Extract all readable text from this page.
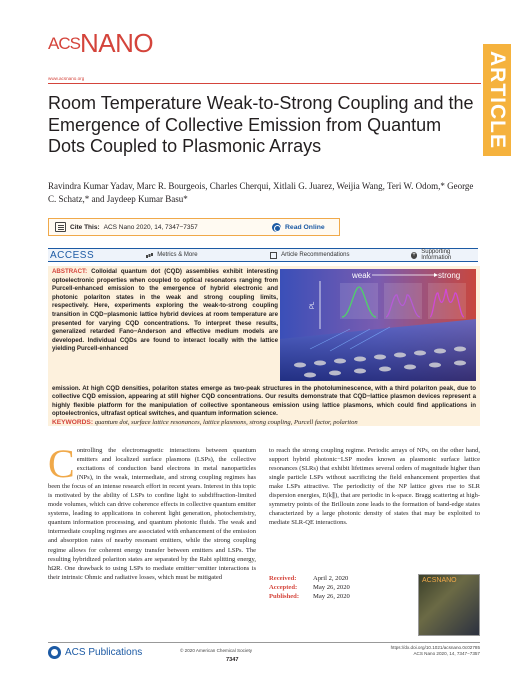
ACSNANO
www.acsnano.org	ARTICLE
Room Temperature Weak-to-Strong Coupling and the Emergence of Collective Emission from Quantum Dots Coupled to Plasmonic Arrays
Ravindra Kumar Yadav, Marc R. Bourgeois, Charles Cherqui, Xitlali G. Juarez, Weijia Wang, Teri W. Odom,* George C. Schatz,* and Jaydeep Kumar Basu*
Cite This: ACS Nano 2020, 14, 7347−7357	Read Online
ACCESS	Metrics & More	Article Recommendations	+ Supporting Information

ABSTRACT: Colloidal quantum dot (CQD) assemblies exhibit interesting optoelectronic properties when coupled to optical resonators ranging from Purcell-enhanced emission to the emergence of hybrid electronic and photonic polariton states in the weak and strong coupling limits, respectively. Here, experiments exploring the weak-to-strong coupling transition in CQD−plasmonic lattice hybrid devices at room temperature are presented for varying CQD concentrations. To interpret these results, generalized retarded Fano−Anderson and effective medium models are developed. Individual CQDs are found to interact locally with the lattice yielding Purcell-enhanced

emission. At high CQD densities, polariton states emerge as two-peak structures in the photoluminescence, with a third polariton peak, due to collective CQD emission, appearing at still higher CQD concentrations. Our results demonstrate that CQD−lattice plasmon devices represent a highly flexible platform for the manipulation of collective spontaneous emission using lattice plasmons, which could find applications in optoelectronics, ultrafast optical switches, and quantum information science.

KEYWORDS: quantum dot, surface lattice resonances, lattice plasmons, strong coupling, Purcell factor, polariton

weak	strong
PL
Controlling the electromagnetic interactions between quantum emitters and localized surface plasmons (LSPs), the collective excitations of conduction band electrons in metal nanoparticles (NPs), in the weak, intermediate, and strong coupling regimes has been the focus of an intense research effort in recent years. Interest in this topic is motivated by the ability of LSPs to confine light to subdiffraction-limited mode volumes, which can drive coherence effects in collective quantum emitter systems, leading to applications in coherent light generation, photochemistry, quantum information processing, and quantum photonic fluids. The weak and intermediate coupling regimes are associated with enhancement of the emission and absorption rates of nearby resonant emitters, while the strong coupling regime allows for coherent energy transfer between emitters and LSPs. The resulting hybridized polariton states are separated by the Rabi splitting energy, ħΩR. One drawback to using LSPs to mediate emitter−emitter interactions is their intrinsic Ohmic and radiative losses, which must be mitigated
to reach the strong coupling regime. Periodic arrays of NPs, on the other hand, support hybrid photonic−LSP modes known as plasmonic surface lattice resonances (SLRs) that exhibit lifetimes several orders of magnitude higher than single particle LSPs without sacrificing the field enhancement properties that make LSPs attractive. The periodicity of the NP lattice gives rise to SLR dispersion energies, E(k∥), that are periodic in k-space. Bragg scattering at high-symmetry points of the Brillouin zone leads to the formation of band-edge states characterized by a large photonic density of states that may be exploited to mediate SLR-QE interactions.
Received:	April 2, 2020
Accepted: May 26, 2020
Published: May 26, 2020
ACSNANO
ACS Publications	© 2020 American Chemical Society
7347
https://dx.doi.org/10.1021/acsnano.0c02785
ACS Nano 2020, 14, 7347−7357
